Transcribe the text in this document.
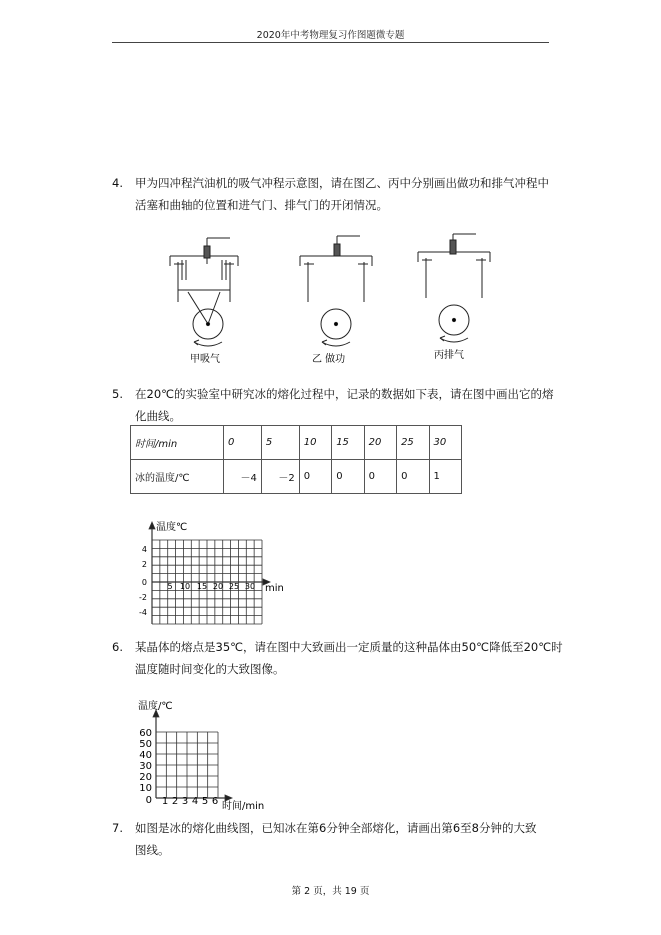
2020年中考物理复习作图题微专题
4. 甲为四冲程汽油机的吸气冲程示意图，请在图乙、丙中分别画出做功和排气冲程中
活塞和曲轴的位置和进气门、排气门的开闭情况。
甲吸气	乙 做功	丙排气
5. 在20℃的实验室中研究冰的熔化过程中，记录的数据如下表，请在图中画出它的熔
化曲线。
时间/min	0	5	10	15	20	25	30
冰的温度/℃	－4	－2	0	0	0	0	1
温度℃
min
4
2
0
-2
-4
5 10 15 20 25 30
6. 某晶体的熔点是35℃，请在图中大致画出一定质量的这种晶体由50℃降低至20℃时
温度随时间变化的大致图像。
温度/℃
时间/min
60
50
40
30
20
10
0 1 2 3 4 5 6
7. 如图是冰的熔化曲线图，已知冰在第6分钟全部熔化，请画出第6至8分钟的大致
图线。
第 2 页，共 19 页
